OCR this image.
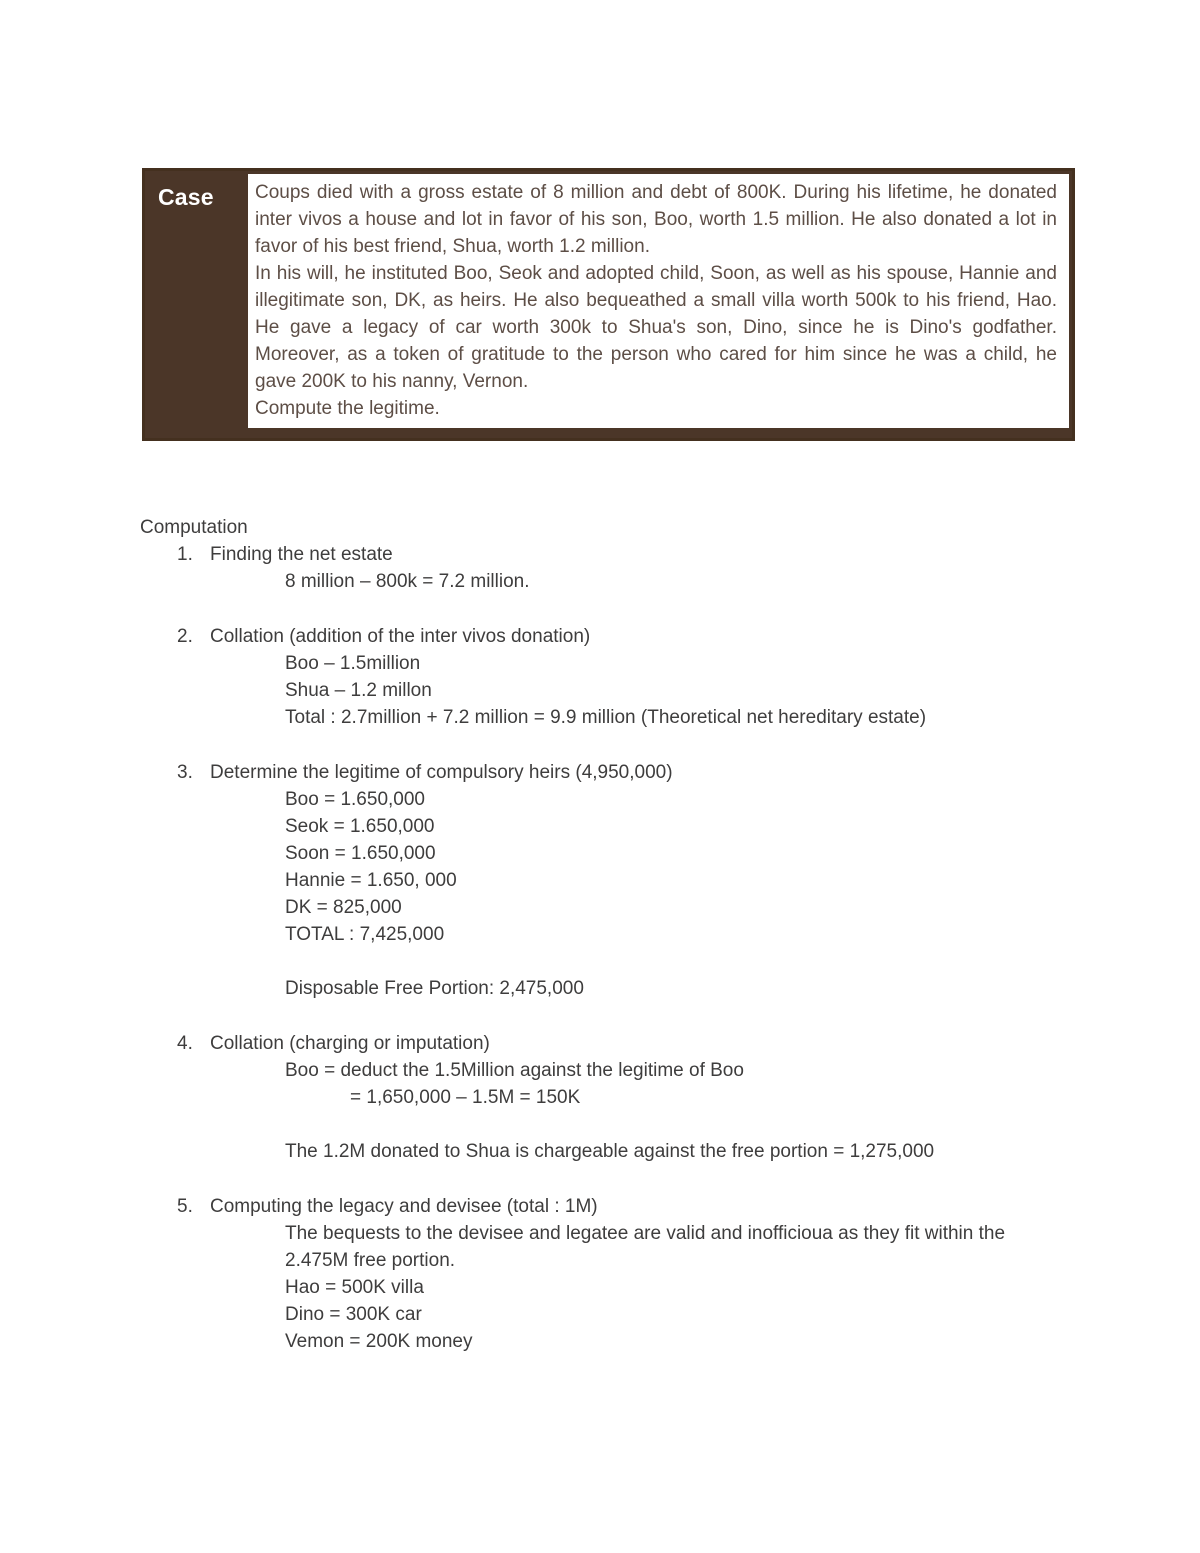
Case	Coups died with a gross estate of 8 million and debt of 800K. During his lifetime, he donated inter vivos a house and lot in favor of his son, Boo, worth 1.5 million. He also donated a lot in favor of his best friend, Shua, worth 1.2 million.

In his will, he instituted Boo, Seok and adopted child, Soon, as well as his spouse, Hannie and illegitimate son, DK, as heirs. He also bequeathed a small villa worth 500k to his friend, Hao. He gave a legacy of car worth 300k to Shua's son, Dino, since he is Dino's godfather. Moreover, as a token of gratitude to the person who cared for him since he was a child, he gave 200K to his nanny, Vernon.

Compute the legitime.

Computation
1. Finding the net estate
8 million – 800k = 7.2 million.
2. Collation (addition of the inter vivos donation)
Boo – 1.5million
Shua – 1.2 millon
Total : 2.7million + 7.2 million = 9.9 million (Theoretical net hereditary estate)
3. Determine the legitime of compulsory heirs (4,950,000)
Boo = 1.650,000
Seok = 1.650,000
Soon = 1.650,000
Hannie = 1.650, 000
DK = 825,000
TOTAL : 7,425,000
Disposable Free Portion: 2,475,000
4. Collation (charging or imputation)
Boo = deduct the 1.5Million against the legitime of Boo
= 1,650,000 – 1.5M = 150K
The 1.2M donated to Shua is chargeable against the free portion = 1,275,000
5. Computing the legacy and devisee (total : 1M)
The bequests to the devisee and legatee are valid and inofficioua as they fit within the 2.475M free portion.
Hao = 500K villa
Dino = 300K car
Vemon = 200K money
